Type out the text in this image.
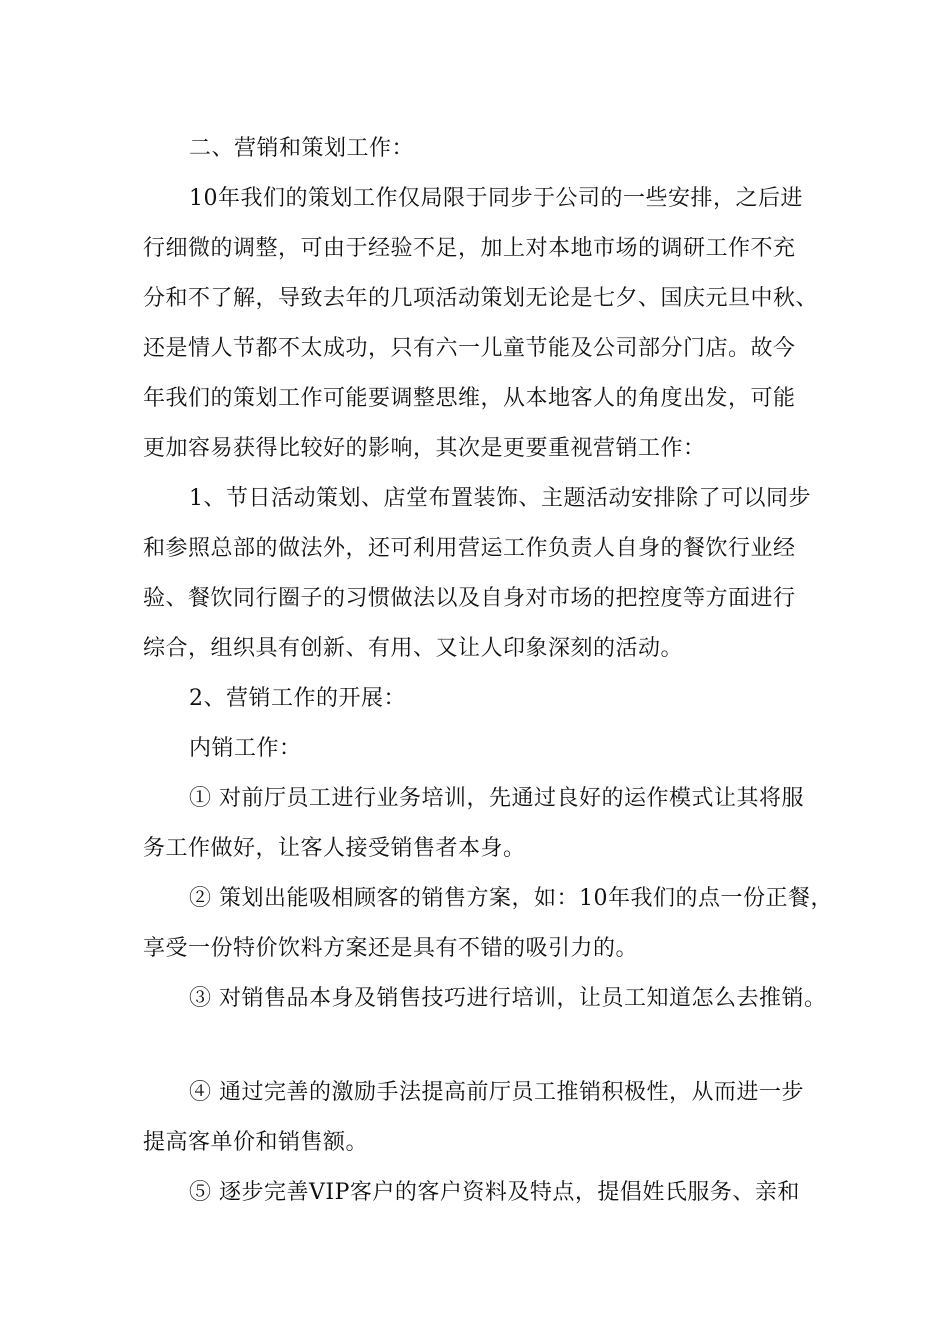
二、营销和策划工作：
10年我们的策划工作仅局限于同步于公司的一些安排，之后进
行细微的调整，可由于经验不足，加上对本地市场的调研工作不充
分和不了解，导致去年的几项活动策划无论是七夕、国庆元旦中秋、
还是情人节都不太成功，只有六一儿童节能及公司部分门店。故今
年我们的策划工作可能要调整思维，从本地客人的角度出发，可能
更加容易获得比较好的影响，其次是更要重视营销工作：
1、节日活动策划、店堂布置装饰、主题活动安排除了可以同步
和参照总部的做法外，还可利用营运工作负责人自身的餐饮行业经
验、餐饮同行圈子的习惯做法以及自身对市场的把控度等方面进行
综合，组织具有创新、有用、又让人印象深刻的活动。
2、营销工作的开展：
内销工作：
① 对前厅员工进行业务培训，先通过良好的运作模式让其将服
务工作做好，让客人接受销售者本身。
② 策划出能吸相顾客的销售方案，如：10年我们的点一份正餐，
享受一份特价饮料方案还是具有不错的吸引力的。
③ 对销售品本身及销售技巧进行培训，让员工知道怎么去推销。
④ 通过完善的激励手法提高前厅员工推销积极性，从而进一步
提高客单价和销售额。
⑤ 逐步完善VIP客户的客户资料及特点，提倡姓氏服务、亲和
